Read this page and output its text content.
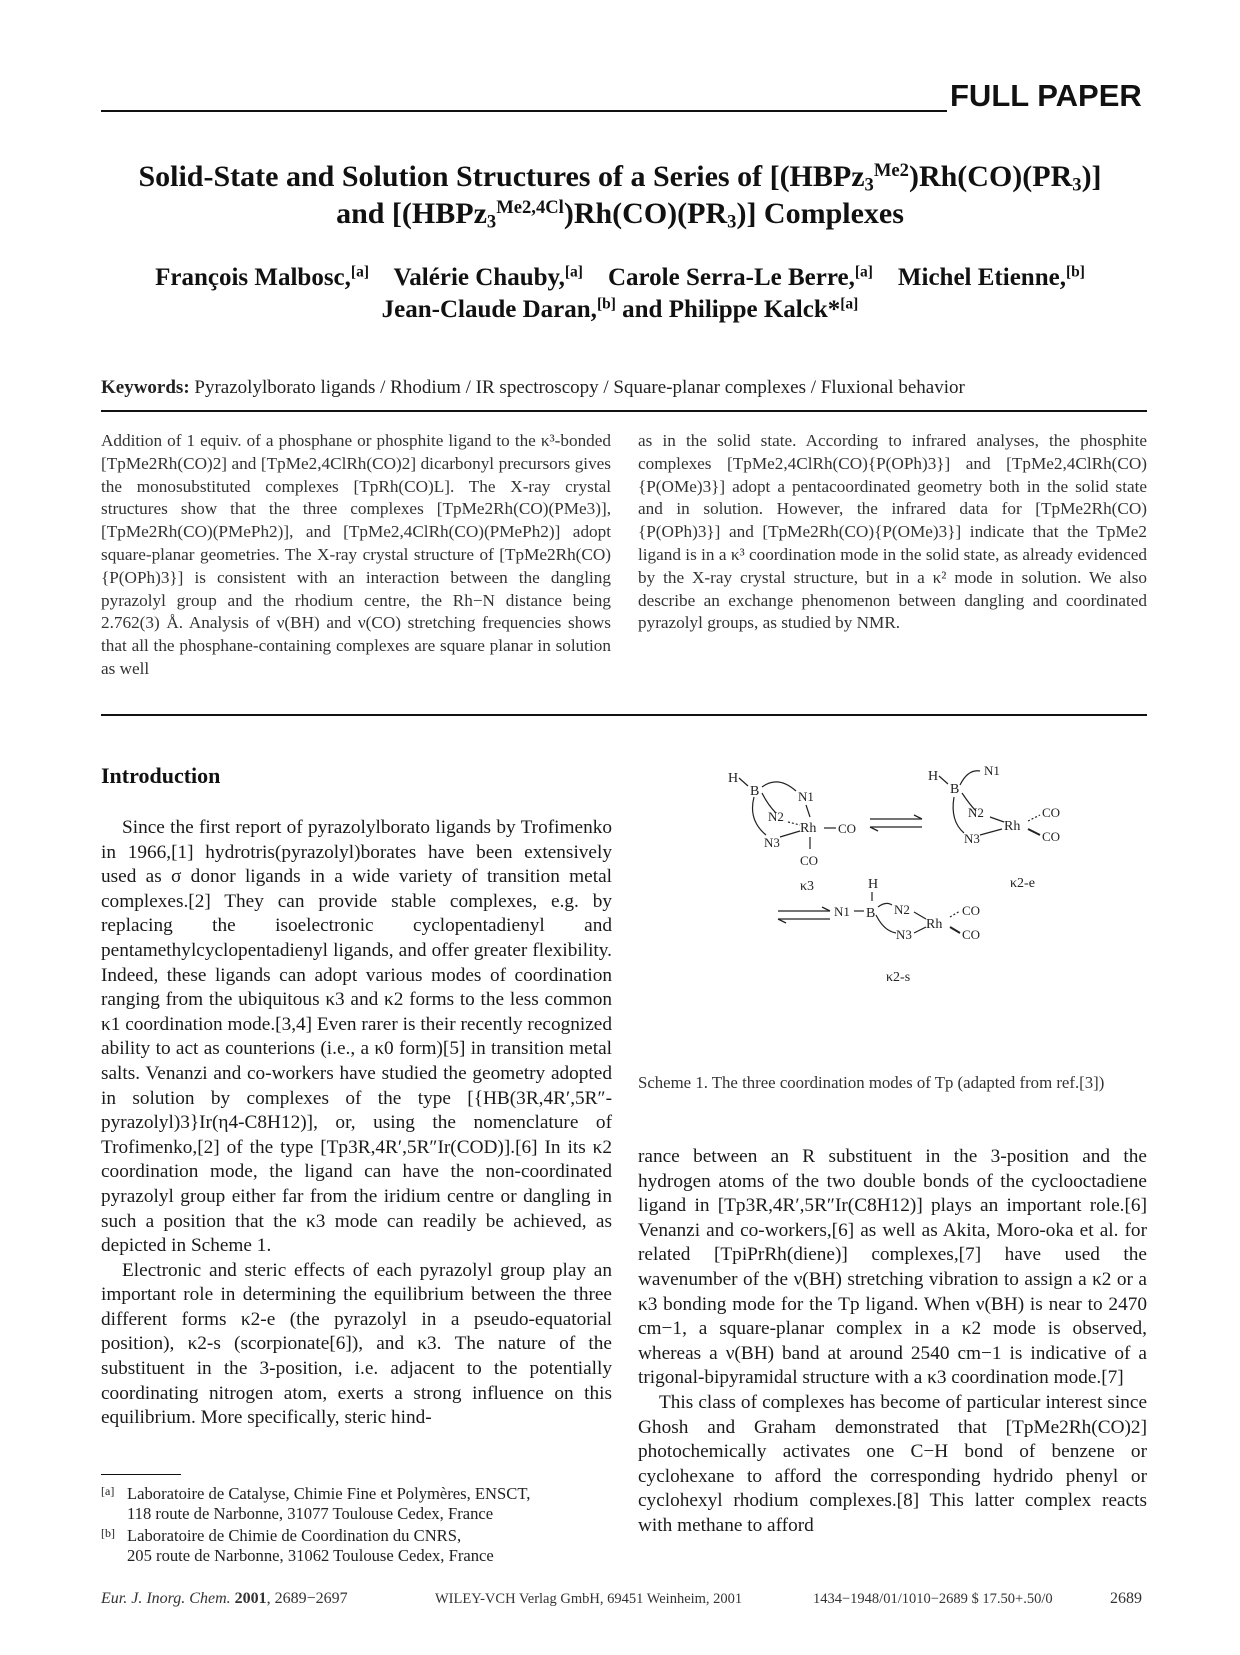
FULL PAPER
Solid-State and Solution Structures of a Series of $[(HBPz_3^{Me2})Rh(CO)(PR_3)]$
and $[(HBPz_3^{Me2,4Cl})Rh(CO)(PR_3)]$ Complexes
François Malbosc,[a] Valérie Chauby,[a] Carole Serra-Le Berre,[a] Michel Etienne,[b]
Jean-Claude Daran,[b] and Philippe Kalck*[a]
Keywords: Pyrazolylborato ligands / Rhodium / IR spectroscopy / Square-planar complexes / Fluxional behavior
Addition of 1 equiv. of a phosphane or phosphite ligand to the κ³-bonded [TpMe2Rh(CO)2] and [TpMe2,4ClRh(CO)2] dicarbonyl precursors gives the monosubstituted complexes [TpRh(CO)L]. The X-ray crystal structures show that the three complexes [TpMe2Rh(CO)(PMe3)], [TpMe2Rh(CO)(PMePh2)], and [TpMe2,4ClRh(CO)(PMePh2)] adopt square-planar geometries. The X-ray crystal structure of [TpMe2Rh(CO){P(OPh)3}] is consistent with an interaction between the dangling pyrazolyl group and the rhodium centre, the Rh−N distance being 2.762(3) Å. Analysis of ν(BH) and ν(CO) stretching frequencies shows that all the phosphane-containing complexes are square planar in solution as well
as in the solid state. According to infrared analyses, the phosphite complexes [TpMe2,4ClRh(CO){P(OPh)3}] and [TpMe2,4ClRh(CO){P(OMe)3}] adopt a pentacoordinated geometry both in the solid state and in solution. However, the infrared data for [TpMe2Rh(CO){P(OPh)3}] and [TpMe2Rh(CO){P(OMe)3}] indicate that the TpMe2 ligand is in a κ³ coordination mode in the solid state, as already evidenced by the X-ray crystal structure, but in a κ² mode in solution. We also describe an exchange phenomenon between dangling and coordinated pyrazolyl groups, as studied by NMR.
Introduction

Since the first report of pyrazolylborato ligands by Trofimenko in 1966,[1] hydrotris(pyrazolyl)borates have been extensively used as σ donor ligands in a wide variety of transition metal complexes.[2] They can provide stable complexes, e.g. by replacing the isoelectronic cyclopentadienyl and pentamethylcyclopentadienyl ligands, and offer greater flexibility. Indeed, these ligands can adopt various modes of coordination ranging from the ubiquitous κ3 and κ2 forms to the less common κ1 coordination mode.[3,4] Even rarer is their recently recognized ability to act as counterions (i.e., a κ0 form)[5] in transition metal salts. Venanzi and co-workers have studied the geometry adopted in solution by complexes of the type [{HB(3R,4R′,5R″-pyrazolyl)3}Ir(η4-C8H12)], or, using the nomenclature of Trofimenko,[2] of the type [Tp3R,4R′,5R″Ir(COD)].[6] In its κ2 coordination mode, the ligand can have the non-coordinated pyrazolyl group either far from the iridium centre or dangling in such a position that the κ3 mode can readily be achieved, as depicted in Scheme 1.

Electronic and steric effects of each pyrazolyl group play an important role in determining the equilibrium between the three different forms κ2-e (the pyrazolyl in a pseudo-equatorial position), κ2-s (scorpionate[6]), and κ3. The nature of the substituent in the 3-position, i.e. adjacent to the potentially coordinating nitrogen atom, exerts a strong influence on this equilibrium. More specifically, steric hind-

H
B	N1
N2
N3
Rh CO
CO
κ3
H
B
N1
N2
N3
Rh
CO
CO
κ2-e
H
B
N1	N2
N3
Rh
CO
CO
κ2-s
Scheme 1. The three coordination modes of Tp (adapted from ref.[3])

rance between an R substituent in the 3-position and the hydrogen atoms of the two double bonds of the cyclooctadiene ligand in [Tp3R,4R′,5R″Ir(C8H12)] plays an important role.[6] Venanzi and co-workers,[6] as well as Akita, Moro-oka et al. for related [TpiPrRh(diene)] complexes,[7] have used the wavenumber of the ν(BH) stretching vibration to assign a κ2 or a κ3 bonding mode for the Tp ligand. When ν(BH) is near to 2470 cm−1, a square-planar complex in a κ2 mode is observed, whereas a ν(BH) band at around 2540 cm−1 is indicative of a trigonal-bipyramidal structure with a κ3 coordination mode.[7]

This class of complexes has become of particular interest since Ghosh and Graham demonstrated that [TpMe2Rh(CO)2] photochemically activates one C−H bond of benzene or cyclohexane to afford the corresponding hydrido phenyl or cyclohexyl rhodium complexes.[8] This latter complex reacts with methane to afford

[a] Laboratoire de Catalyse, Chimie Fine et Polymères, ENSCT,
118 route de Narbonne, 31077 Toulouse Cedex, France
[b] Laboratoire de Chimie de Coordination du CNRS,
205 route de Narbonne, 31062 Toulouse Cedex, France
Eur. J. Inorg. Chem. 2001, 2689−2697	WILEY-VCH Verlag GmbH, 69451 Weinheim, 2001	1434−1948/01/1010−2689 $ 17.50+.50/0	2689
